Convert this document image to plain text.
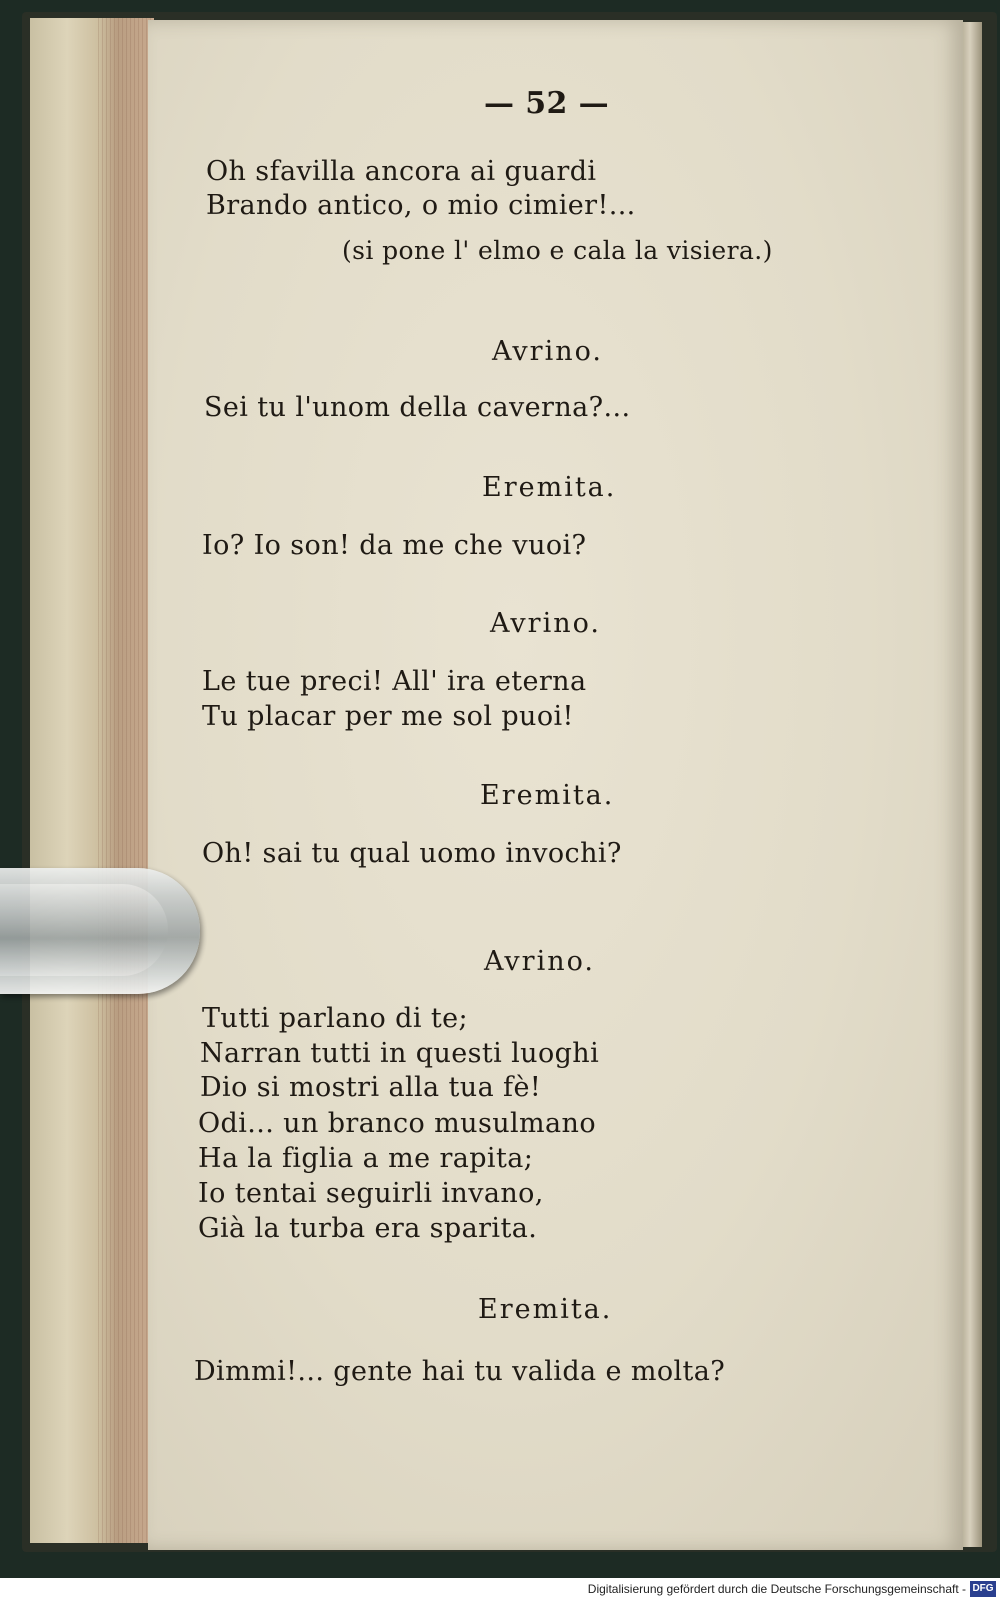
— 52 —
Oh sfavilla ancora ai guardi
Brando antico, o mio cimier!...
(si pone l' elmo e cala la visiera.)
Avrino.
Sei tu l'unom della caverna?...
Eremita.
Io? Io son! da me che vuoi?
Avrino.
Le tue preci! All' ira eterna
Tu placar per me sol puoi!
Eremita.
Oh! sai tu qual uomo invochi?
Avrino.
Tutti parlano di te;
Narran tutti in questi luoghi
Dio si mostri alla tua fè!
Odi... un branco musulmano
Ha la figlia a me rapita;
Io tentai seguirli invano,
Già la turba era sparita.
Eremita.
Dimmi!... gente hai tu valida e molta?
Digitalisierung gefördert durch die Deutsche Forschungsgemeinschaft - DFG
